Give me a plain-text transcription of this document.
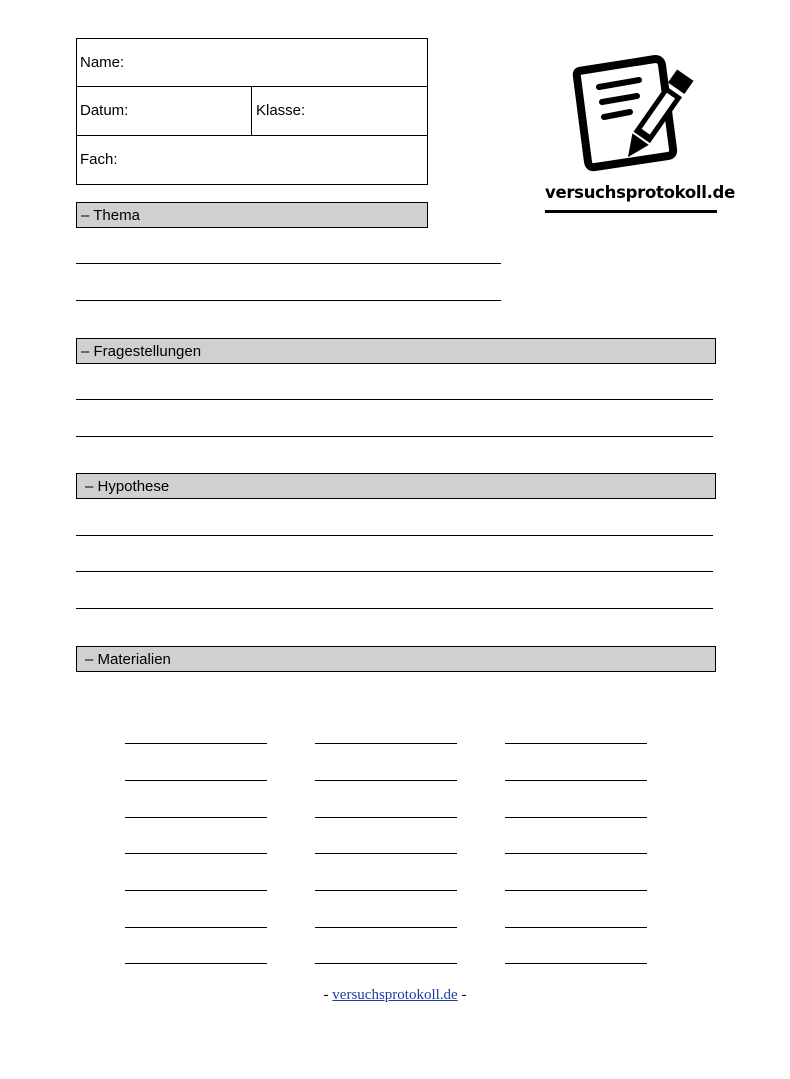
Name:
Datum:	Klasse:
Fach:
versuchsprotokoll.de
– Thema
– Fragestellungen
– Hypothese
– Materialien
- versuchsprotokoll.de -
